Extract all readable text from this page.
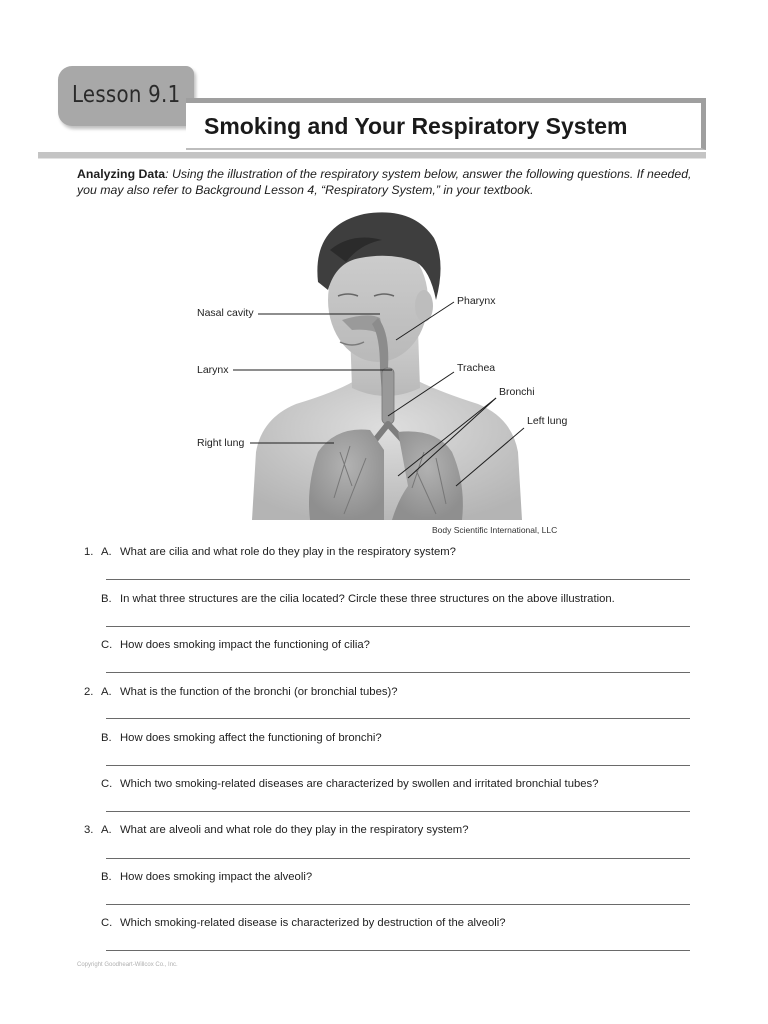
Lesson 9.1
Smoking and Your Respiratory System
Analyzing Data: Using the illustration of the respiratory system below, answer the following questions. If needed, you may also refer to Background Lesson 4, “Respiratory System,” in your textbook.
Nasal cavity
Larynx
Right lung
Pharynx
Trachea
Bronchi
Left lung
Body Scientific International, LLC
1. A. What are cilia and what role do they play in the respiratory system?
B. In what three structures are the cilia located? Circle these three structures on the above illustration.
C. How does smoking impact the functioning of cilia?
2. A. What is the function of the bronchi (or bronchial tubes)?
B. How does smoking affect the functioning of bronchi?
C. Which two smoking-related diseases are characterized by swollen and irritated bronchial tubes?
3. A. What are alveoli and what role do they play in the respiratory system?
B. How does smoking impact the alveoli?
C. Which smoking-related disease is characterized by destruction of the alveoli?
Copyright Goodheart-Willcox Co., Inc.
